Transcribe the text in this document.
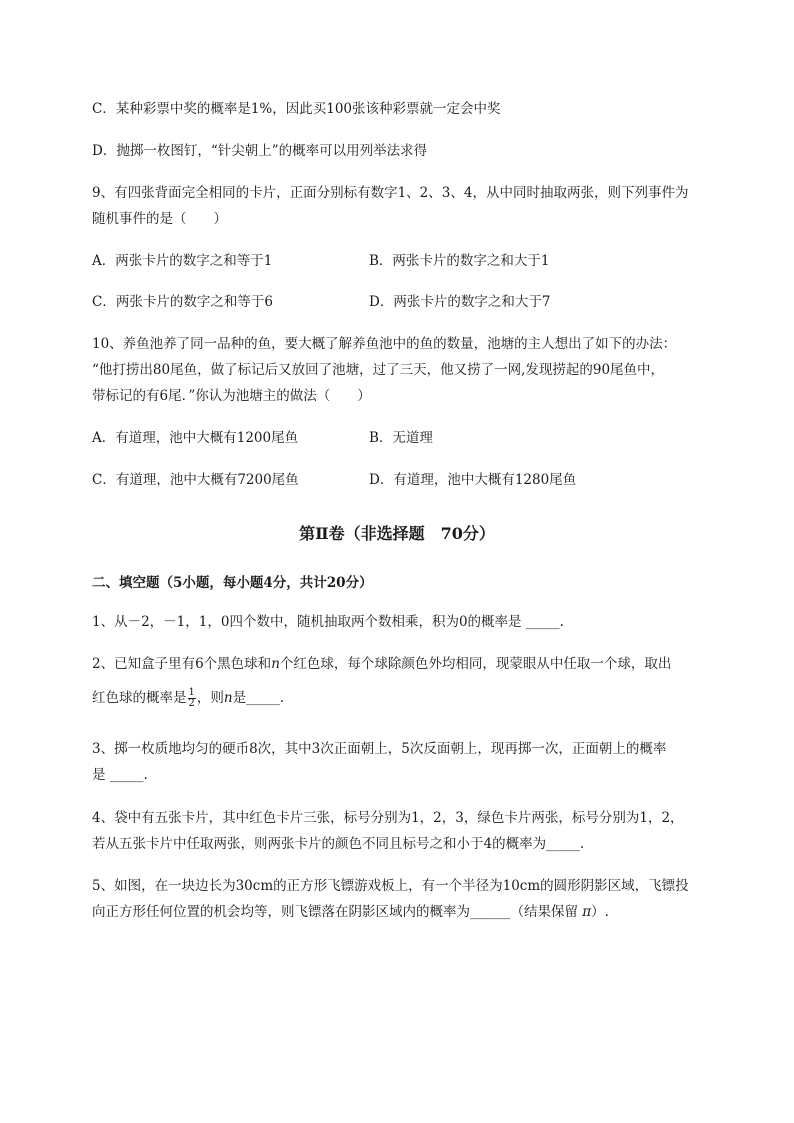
C．某种彩票中奖的概率是1%，因此买100张该种彩票就一定会中奖
D．抛掷一枚图钉，“针尖朝上”的概率可以用列举法求得
9、有四张背面完全相同的卡片，正面分别标有数字1、2、3、4，从中同时抽取两张，则下列事件为
随机事件的是（　　）
A．两张卡片的数字之和等于1	B．两张卡片的数字之和大于1
C．两张卡片的数字之和等于6	D．两张卡片的数字之和大于7
10、养鱼池养了同一品种的鱼，要大概了解养鱼池中的鱼的数量，池塘的主人想出了如下的办法：
“他打捞出80尾鱼，做了标记后又放回了池塘，过了三天，他又捞了一网,发现捞起的90尾鱼中，
带标记的有6尾．”你认为池塘主的做法（　　）
A．有道理，池中大概有1200尾鱼	B．无道理
C．有道理，池中大概有7200尾鱼	D．有道理，池中大概有1280尾鱼
第Ⅱ卷（非选择题　70分）
二、填空题（5小题，每小题4分，共计20分）
1、从－2，－1，1，0四个数中，随机抽取两个数相乘，积为0的概率是 _____.
2、已知盒子里有6个黑色球和n个红色球，每个球除颜色外均相同，现蒙眼从中任取一个球，取出
红色球的概率是 $\frac{1}{2}$ ，则n是_____.
3、掷一枚质地均匀的硬币8次，其中3次正面朝上，5次反面朝上，现再掷一次，正面朝上的概率
是 _____.
4、袋中有五张卡片，其中红色卡片三张，标号分别为1，2，3，绿色卡片两张，标号分别为1，2，
若从五张卡片中任取两张，则两张卡片的颜色不同且标号之和小于4的概率为_____.
5、如图，在一块边长为30cm的正方形飞镖游戏板上，有一个半径为10cm的圆形阴影区域，飞镖投
向正方形任何位置的机会均等，则飞镖落在阴影区域内的概率为______（结果保留 π）.
